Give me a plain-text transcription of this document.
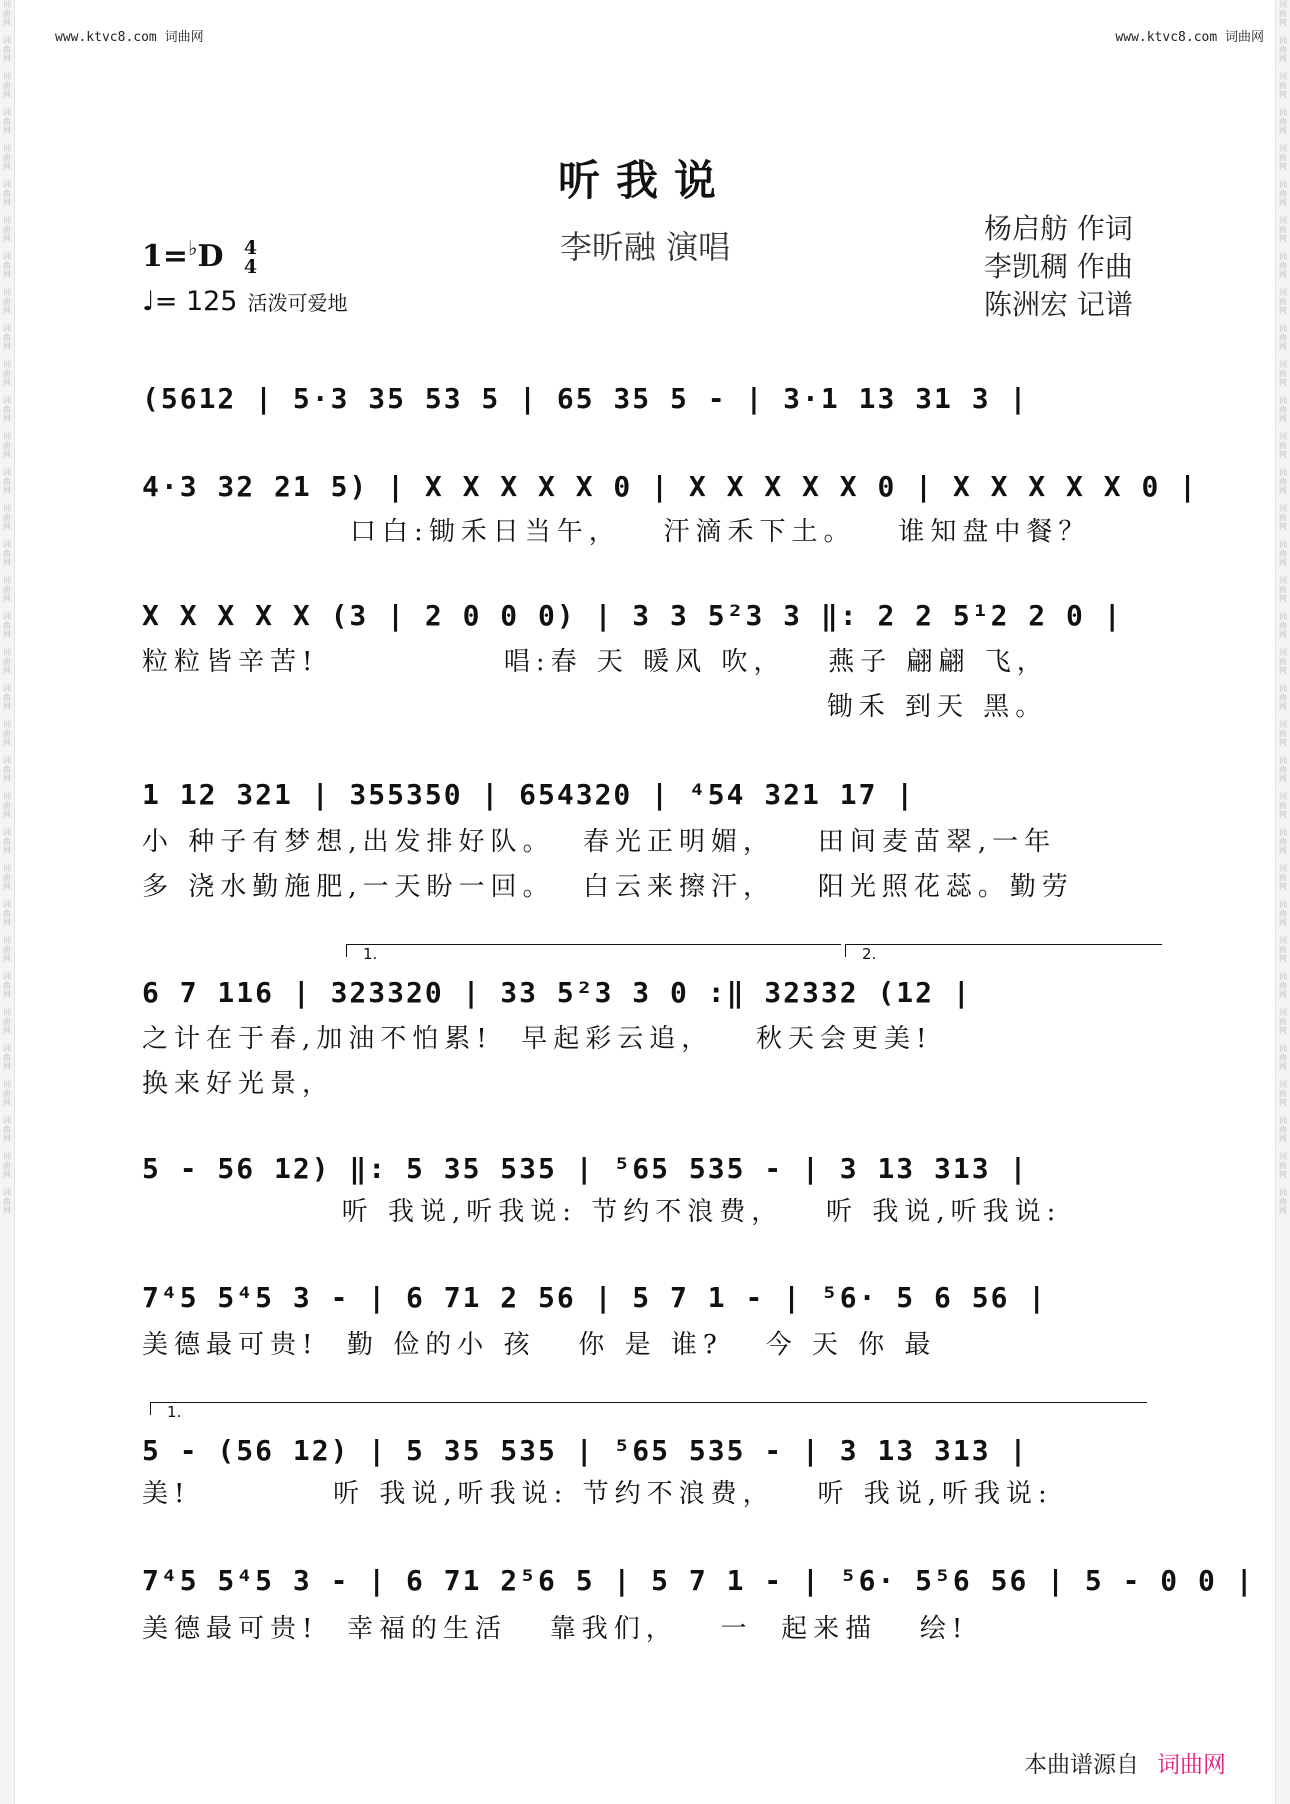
词
曲
网

词
曲
网

词
曲
网

词
曲
网

词
曲
网

词
曲
网

词
曲
网

词
曲
网

词
曲
网

词
曲
网

词
曲
网

词
曲
网

词
曲
网

词
曲
网

词
曲
网

词
曲
网

词
曲
网

词
曲
网

词
曲
网

词
曲
网

词
曲
网

词
曲
网

词
曲
网

词
曲
网

词
曲
网

词
曲
网

词
曲
网

词
曲
网

词
曲
网

词
曲
网

词
曲
网

词
曲
网

词
曲
网

词
曲
网

词
曲
网

词
曲
网

词
曲
网

词
曲
网

词
曲
网

词
曲
网

词
曲
网

词
曲
网

词
曲
网

词
曲
网

词
曲
网

词
曲
网

词
曲
网

词
曲
网

词
曲
网

词
曲
网

词
曲
网

词
曲
网

词
曲
网

词
曲
网

词
曲
网

词
曲
网

词
曲
网

词
曲
网

词
曲
网

词
曲
网

词
曲
网

词
曲
网

词
曲
网

词
曲
网

词
曲
网

词
曲
网

词
曲
网

词
曲
网

www.ktvc8.com 词曲网	www.ktvc8.com 词曲网
听我说
李昕融 演唱	杨启舫 作词
李凯稠 作曲
陈洲宏 记谱
1=♭D 4
4
♩= 125 活泼可爱地
(5612 | 5·3 35 53 5 | 65 35 5 - | 3·1 13 31 3 |
4·3 32 21 5) | X X X X X 0 | X X X X X 0 | X X X X X 0 |
口白:锄禾日当午，   汗滴禾下土。   谁知盘中餐？
X X X X X (3 | 2 0 0 0) | 3 3 5²3 3 ‖: 2 2 5¹2 2 0 |
粒粒皆辛苦!             唱:春 天 暖风 吹，   燕子 翩翩 飞，
锄禾 到天 黑。
1 12 321 | 355350 | 654320 | ⁴54 321 17 |
小 种子有梦想,出发排好队。  春光正明媚，   田间麦苗翠,一年
多 浇水勤施肥,一天盼一回。  白云来擦汗，   阳光照花蕊。勤劳
1.	2.
6 7 116 | 323320 | 33 5²3 3 0 :‖ 32332 (12 |
之计在于春,加油不怕累!  早起彩云追，   秋天会更美!
换来好光景，
5 - 56 12) ‖: 5 35 535 | ⁵65 535 - | 3 13 313 |
听 我说,听我说: 节约不浪费，   听 我说,听我说:
7⁴5 5⁴5 3 - | 6 71 2 56 | 5 7 1 - | ⁵6· 5 6 56 |
美德最可贵!  勤 俭的小 孩   你 是 谁?   今 天 你 最
1.
5 - (56 12) | 5 35 535 | ⁵65 535 - | 3 13 313 |
美!          听 我说,听我说: 节约不浪费，   听 我说,听我说:
7⁴5 5⁴5 3 - | 6 71 2⁵6 5 | 5 7 1 - | ⁵6· 5⁵6 56 | 5 - 0 0 |
美德最可贵!  幸福的生活   靠我们，   一  起来描   绘!
本曲谱源自 词曲网
